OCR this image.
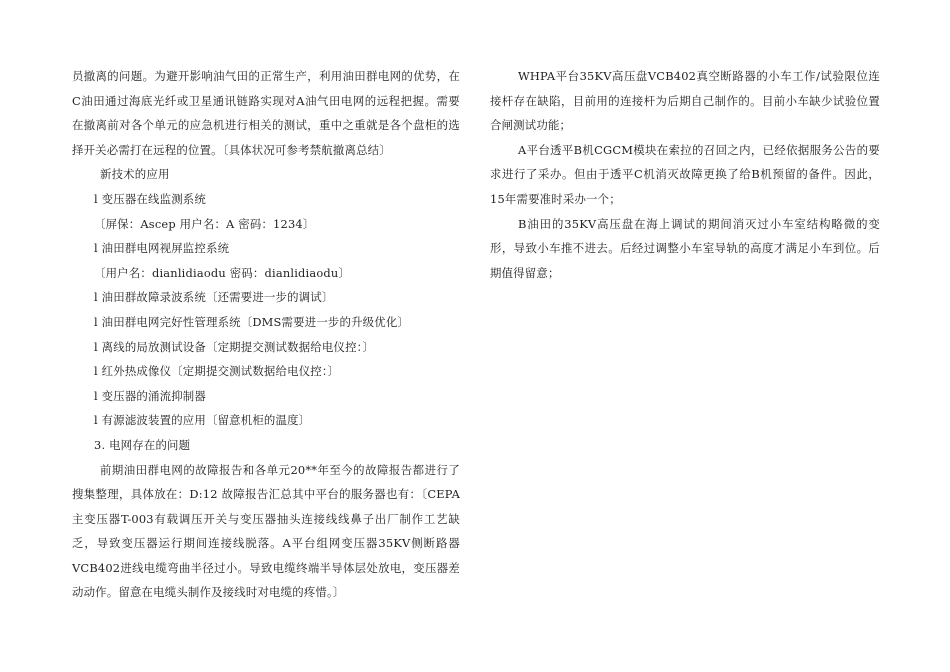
员撤离的问题。为避开影响油气田的正常生产，利用油田群电网的优势，在C油田通过海底光纤或卫星通讯链路实现对A油气田电网的远程把握。需要在撤离前对各个单元的应急机进行相关的测试，重中之重就是各个盘柜的选择开关必需打在远程的位置。〔具体状况可参考禁航撤离总结〕

新技术的应用

l 变压器在线监测系统

〔屏保：Ascep 用户名：A 密码：1234〕

l 油田群电网视屏监控系统

〔用户名：dianlidiaodu 密码：dianlidiaodu〕

l 油田群故障录波系统〔还需要进一步的调试〕

l 油田群电网完好性管理系统〔DMS需要进一步的升级优化〕

l 离线的局放测试设备〔定期提交测试数据给电仪控：〕

l 红外热成像仪〔定期提交测试数据给电仪控：〕

l 变压器的涌流抑制器

l 有源滤波装置的应用〔留意机柜的温度〕

3. 电网存在的问题

前期油田群电网的故障报告和各单元20**年至今的故障报告都进行了搜集整理，具体放在：D:12 故障报告汇总其中平台的服务器也有：〔CEPA主变压器T-003有载调压开关与变压器抽头连接线线鼻子出厂制作工艺缺乏，导致变压器运行期间连接线脱落。A平台组网变压器35KV侧断路器VCB402进线电缆弯曲半径过小。导致电缆终端半导体层处放电，变压器差动动作。留意在电缆头制作及接线时对电缆的疼惜。〕

WHPA平台35KV高压盘VCB402真空断路器的小车工作/试验限位连接杆存在缺陷，目前用的连接杆为后期自己制作的。目前小车缺少试验位置合闸测试功能；

A平台透平B机CGCM模块在索拉的召回之内，已经依据服务公告的要求进行了采办。但由于透平C机消灭故障更换了给B机预留的备件。因此，15年需要准时采办一个；

B油田的35KV高压盘在海上调试的期间消灭过小车室结构略微的变形，导致小车推不进去。后经过调整小车室导轨的高度才满足小车到位。后期值得留意；
